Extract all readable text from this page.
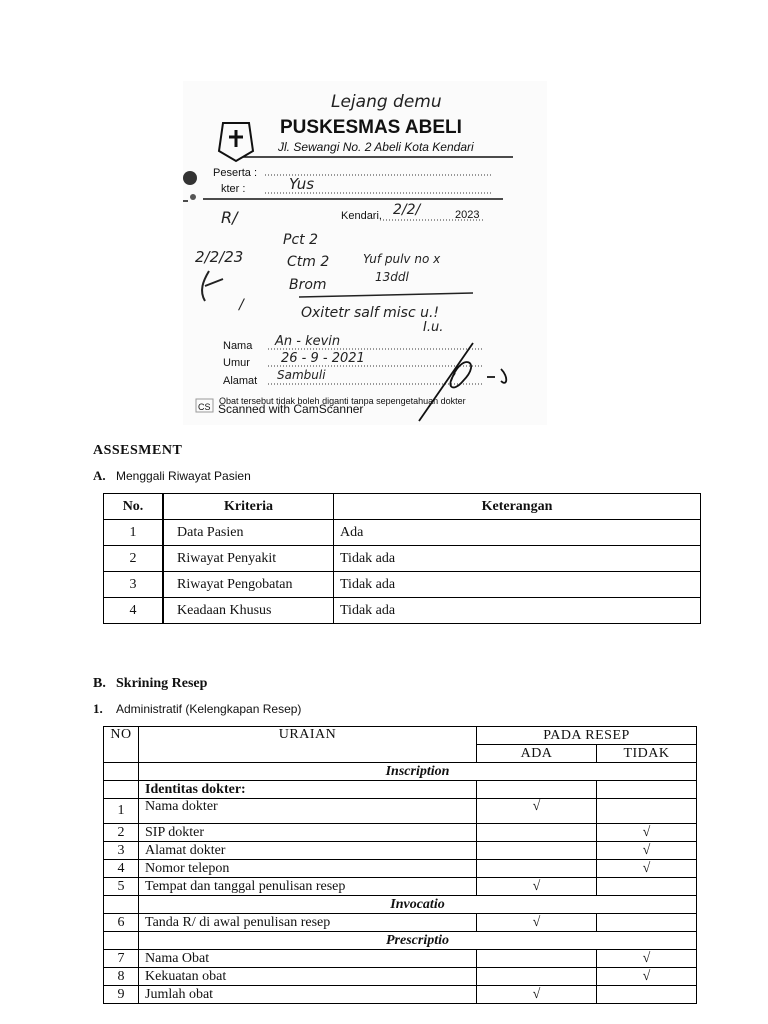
Lejang demu
PUSKESMAS ABELI
Jl. Sewangi No. 2 Abeli Kota Kendari
Peserta :
kter :	Yus
R/	Kendari, 2/2/	2023
2/2/23
Pct 2
Ctm 2	Yuf pulv no x
Brom	13ddl
/	Oxitetr salf misc u.!
I.u.
Nama An - kevin
Umur 26 - 9 - 2021
Alamat Sambuli
CS Scanned with CamScanner
Obat tersebut tidak boleh diganti tanpa sepengetahuan dokter
ASSESMENT
A. Menggali Riwayat Pasien
No.	Kriteria	Keterangan
1	Data Pasien	Ada
2	Riwayat Penyakit	Tidak ada
3	Riwayat Pengobatan	Tidak ada
4	Keadaan Khusus	Tidak ada
B. Skrining Resep
1. Administratif (Kelengkapan Resep)
NO	URAIAN	PADA RESEP	
		ADA	TIDAK
	Inscription		
	Identitas dokter:		
1	Nama dokter	√	
2	SIP dokter		√
3	Alamat dokter		√
4	Nomor telepon		√
5	Tempat dan tanggal penulisan resep	√	
	Invocatio		
6	Tanda R/ di awal penulisan resep	√	
	Prescriptio		
7	Nama Obat		√
8	Kekuatan obat		√
9	Jumlah obat	√	
